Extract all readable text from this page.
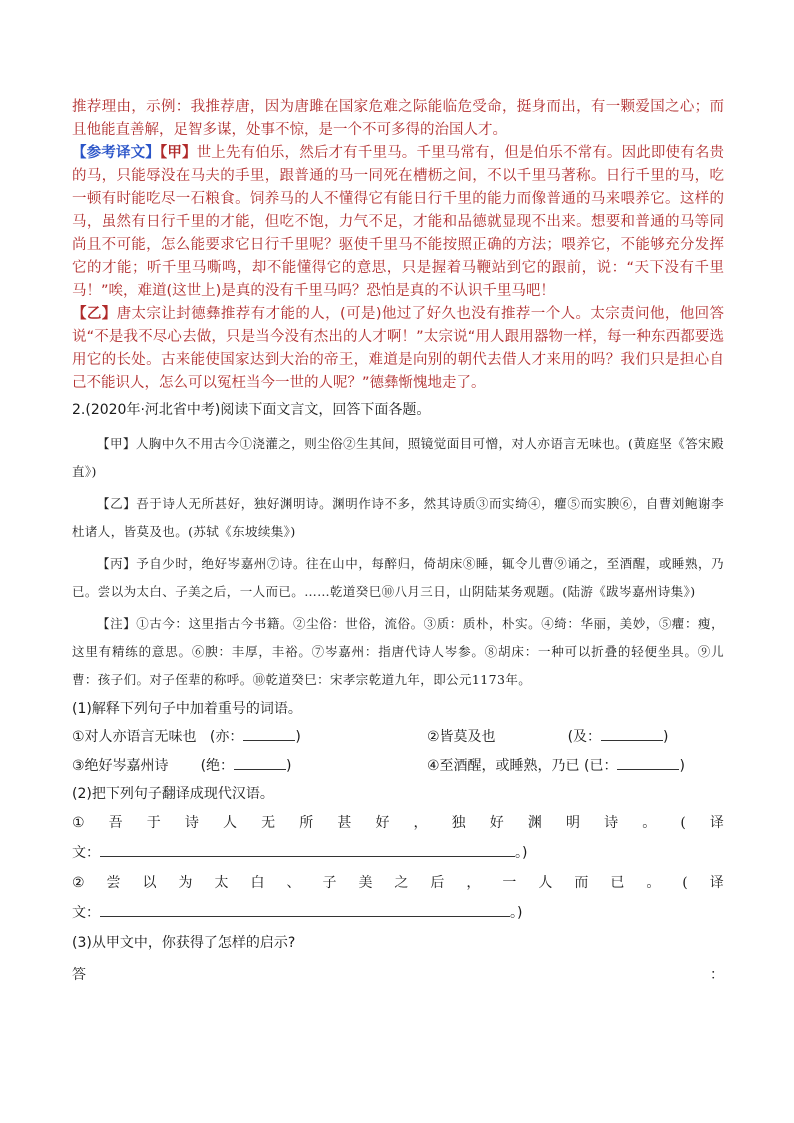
推荐理由，示例：我推荐唐，因为唐雎在国家危难之际能临危受命，挺身而出，有一颗爱国之心；而且他能直善解，足智多谋，处事不惊，是一个不可多得的治国人才。

【参考译文】【甲】世上先有伯乐，然后才有千里马。千里马常有，但是伯乐不常有。因此即使有名贵的马，只能辱没在马夫的手里，跟普通的马一同死在槽枥之间，不以千里马著称。日行千里的马，吃一顿有时能吃尽一石粮食。饲养马的人不懂得它有能日行千里的能力而像普通的马来喂养它。这样的马，虽然有日行千里的才能，但吃不饱，力气不足，才能和品德就显现不出来。想要和普通的马等同尚且不可能，怎么能要求它日行千里呢？驱使千里马不能按照正确的方法；喂养它，不能够充分发挥它的才能；听千里马嘶鸣，却不能懂得它的意思，只是握着马鞭站到它的跟前，说：“天下没有千里马！”唉，难道(这世上)是真的没有千里马吗？恐怕是真的不认识千里马吧！

【乙】唐太宗让封德彝推荐有才能的人，(可是)他过了好久也没有推荐一个人。太宗责问他，他回答说“不是我不尽心去做，只是当今没有杰出的人才啊！”太宗说“用人跟用器物一样，每一种东西都要选用它的长处。古来能使国家达到大治的帝王，难道是向别的朝代去借人才来用的吗？我们只是担心自己不能识人，怎么可以冤枉当今一世的人呢？”德彝惭愧地走了。

2.(2020年·河北省中考)阅读下面文言文，回答下面各题。

【甲】人胸中久不用古今①浇灌之，则尘俗②生其间，照镜觉面目可憎，对人亦语言无味也。(黄庭坚《答宋殿直》)

【乙】吾于诗人无所甚好，独好渊明诗。渊明作诗不多，然其诗质③而实绮④，癯⑤而实腴⑥，自曹刘鲍谢李杜诸人，皆莫及也。(苏轼《东坡续集》)

【丙】予自少时，绝好岑嘉州⑦诗。往在山中，每醉归，倚胡床⑧睡，辄令儿曹⑨诵之，至酒醒，或睡熟，乃已。尝以为太白、子美之后，一人而已。……乾道癸巳⑩八月三日，山阴陆某务观题。(陆游《跋岑嘉州诗集》)

【注】①古今：这里指古今书籍。②尘俗：世俗，流俗。③质：质朴，朴实。④绮：华丽，美妙，⑤癯：瘦，这里有精练的意思。⑥腴：丰厚，丰裕。⑦岑嘉州：指唐代诗人岑参。⑧胡床：一种可以折叠的轻便坐具。⑨儿曹：孩子们。对子侄辈的称呼。⑩乾道癸巳：宋孝宗乾道九年，即公元1173年。

(1)解释下列句子中加着重号的词语。

①对人亦语言无味也 (亦：	)	②皆莫及也	(及：	)
③绝好岑嘉州诗 (绝：	)	④至酒醒，或睡熟，乃已 (已：	)

(2)把下列句子翻译成现代汉语。

① 吾 于 诗 人 无 所 甚 好 ， 独 好 渊 明 诗 。 ( 译
文：	。)
② 尝 以 为 太 白 、 子 美 之 后 ， 一 人 而 已 。 ( 译
文：	。)

(3)从甲文中，你获得了怎样的启示?

答	：
